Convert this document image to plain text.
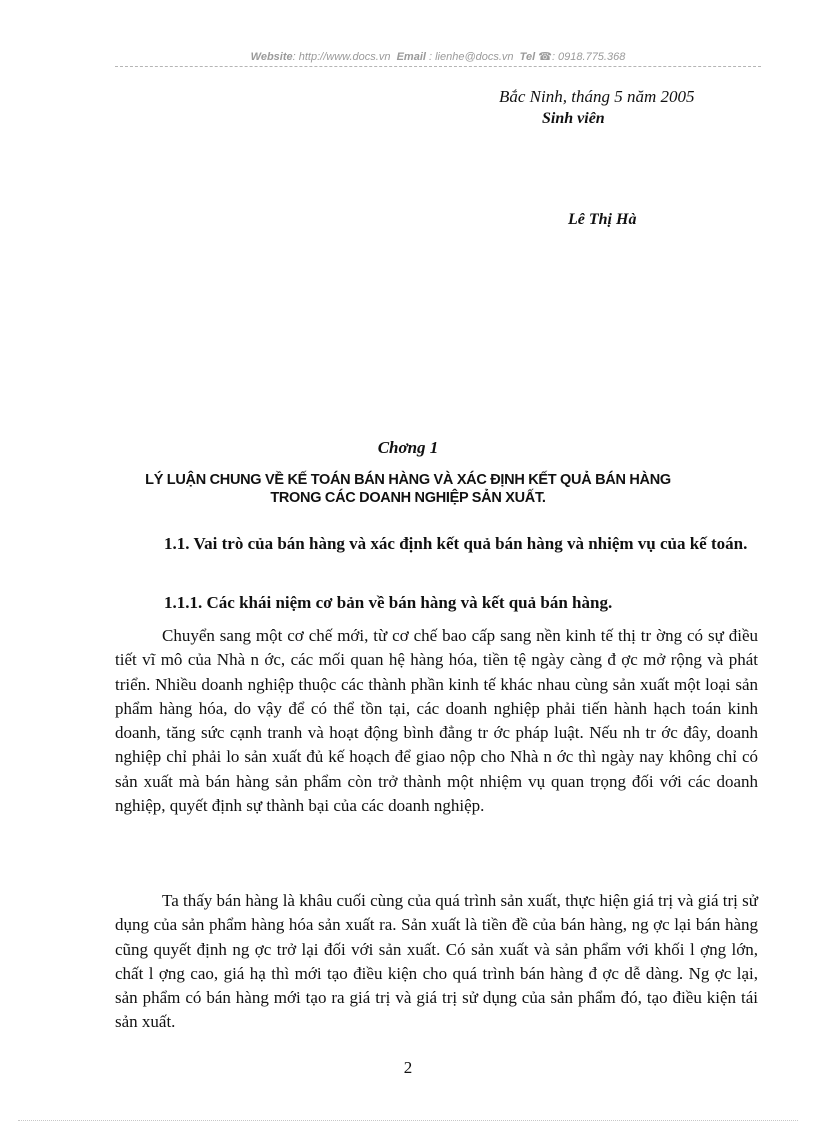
Website: http://www.docs.vn Email : lienhe@docs.vn Tel ☎: 0918.775.368
Bắc Ninh, tháng 5 năm 2005
Sinh viên
Lê Thị Hà
Chơng 1
LÝ LUẬN CHUNG VỀ KẾ TOÁN BÁN HÀNG VÀ XÁC ĐỊNH KẾT QUẢ BÁN HÀNG
TRONG CÁC DOANH NGHIỆP SẢN XUẤT.
1.1. Vai trò của bán hàng và xác định kết quả bán hàng và nhiệm vụ của kế toán.
1.1.1. Các khái niệm cơ bản về bán hàng và kết quả bán hàng.

Chuyển sang một cơ chế mới, từ cơ chế bao cấp sang nền kinh tế thị tr ờng có sự điều tiết vĩ mô của Nhà n ớc, các mối quan hệ hàng hóa, tiền tệ ngày càng đ ợc mở rộng và phát triển. Nhiều doanh nghiệp thuộc các thành phần kinh tế khác nhau cùng sản xuất một loại sản phẩm hàng hóa, do vậy để có thể tồn tại, các doanh nghiệp phải tiến hành hạch toán kinh doanh, tăng sức cạnh tranh và hoạt động bình đẳng tr ớc pháp luật. Nếu nh tr ớc đây, doanh nghiệp chỉ phải lo sản xuất đủ kế hoạch để giao nộp cho Nhà n ớc thì ngày nay không chỉ có sản xuất mà bán hàng sản phẩm còn trở thành một nhiệm vụ quan trọng đối với các doanh nghiệp, quyết định sự thành bại của các doanh nghiệp.

Ta thấy bán hàng là khâu cuối cùng của quá trình sản xuất, thực hiện giá trị và giá trị sử dụng của sản phẩm hàng hóa sản xuất ra. Sản xuất là tiền đề của bán hàng, ng ợc lại bán hàng cũng quyết định ng ợc trở lại đối với sản xuất. Có sản xuất và sản phẩm với khối l ợng lớn, chất l ợng cao, giá hạ thì mới tạo điều kiện cho quá trình bán hàng đ ợc dễ dàng. Ng ợc lại, sản phẩm có bán hàng mới tạo ra giá trị và giá trị sử dụng của sản phẩm đó, tạo điều kiện tái sản xuất.

2
